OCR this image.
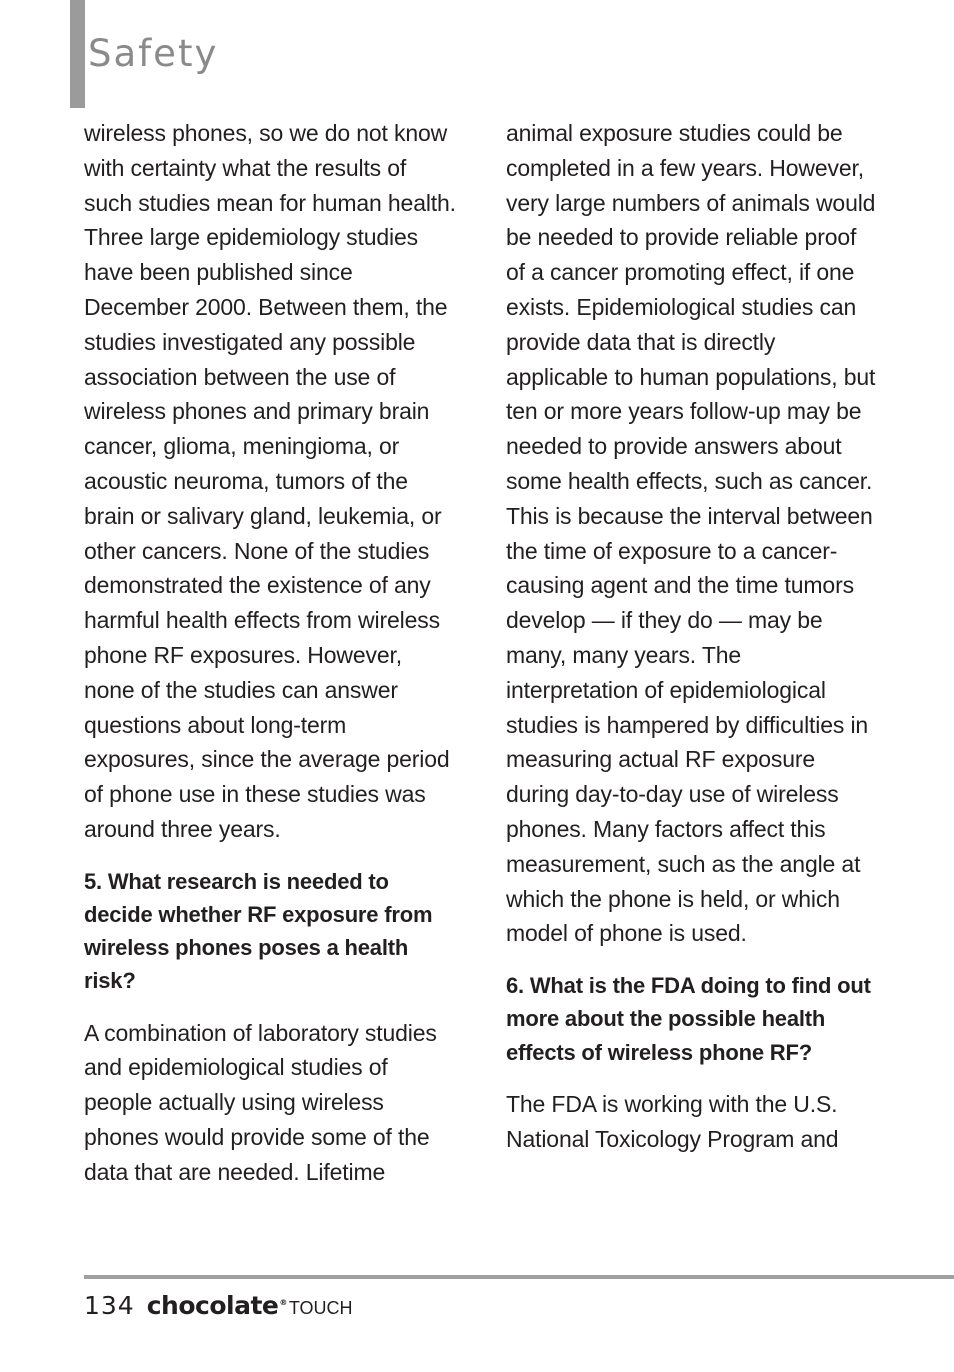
Safety

wireless phones, so we do not know with certainty what the results of such studies mean for human health. Three large epidemiology studies have been published since December 2000. Between them, the studies investigated any possible association between the use of wireless phones and primary brain cancer, glioma, meningioma, or acoustic neuroma, tumors of the brain or salivary gland, leukemia, or other cancers. None of the studies demonstrated the existence of any harmful health effects from wireless phone RF exposures. However, none of the studies can answer questions about long-term exposures, since the average period of phone use in these studies was around three years.

5. What research is needed to decide whether RF exposure from wireless phones poses a health risk?

A combination of laboratory studies and epidemiological studies of people actually using wireless phones would provide some of the data that are needed. Lifetime

animal exposure studies could be completed in a few years. However, very large numbers of animals would be needed to provide reliable proof of a cancer promoting effect, if one exists. Epidemiological studies can provide data that is directly applicable to human populations, but ten or more years follow-up may be needed to provide answers about some health effects, such as cancer. This is because the interval between the time of exposure to a cancer-causing agent and the time tumors develop — if they do — may be many, many years. The interpretation of epidemiological studies is hampered by difficulties in measuring actual RF exposure during day-to-day use of wireless phones. Many factors affect this measurement, such as the angle at which the phone is held, or which model of phone is used.

6. What is the FDA doing to find out more about the possible health effects of wireless phone RF?

The FDA is working with the U.S. National Toxicology Program and

134 chocolate® TOUCH
